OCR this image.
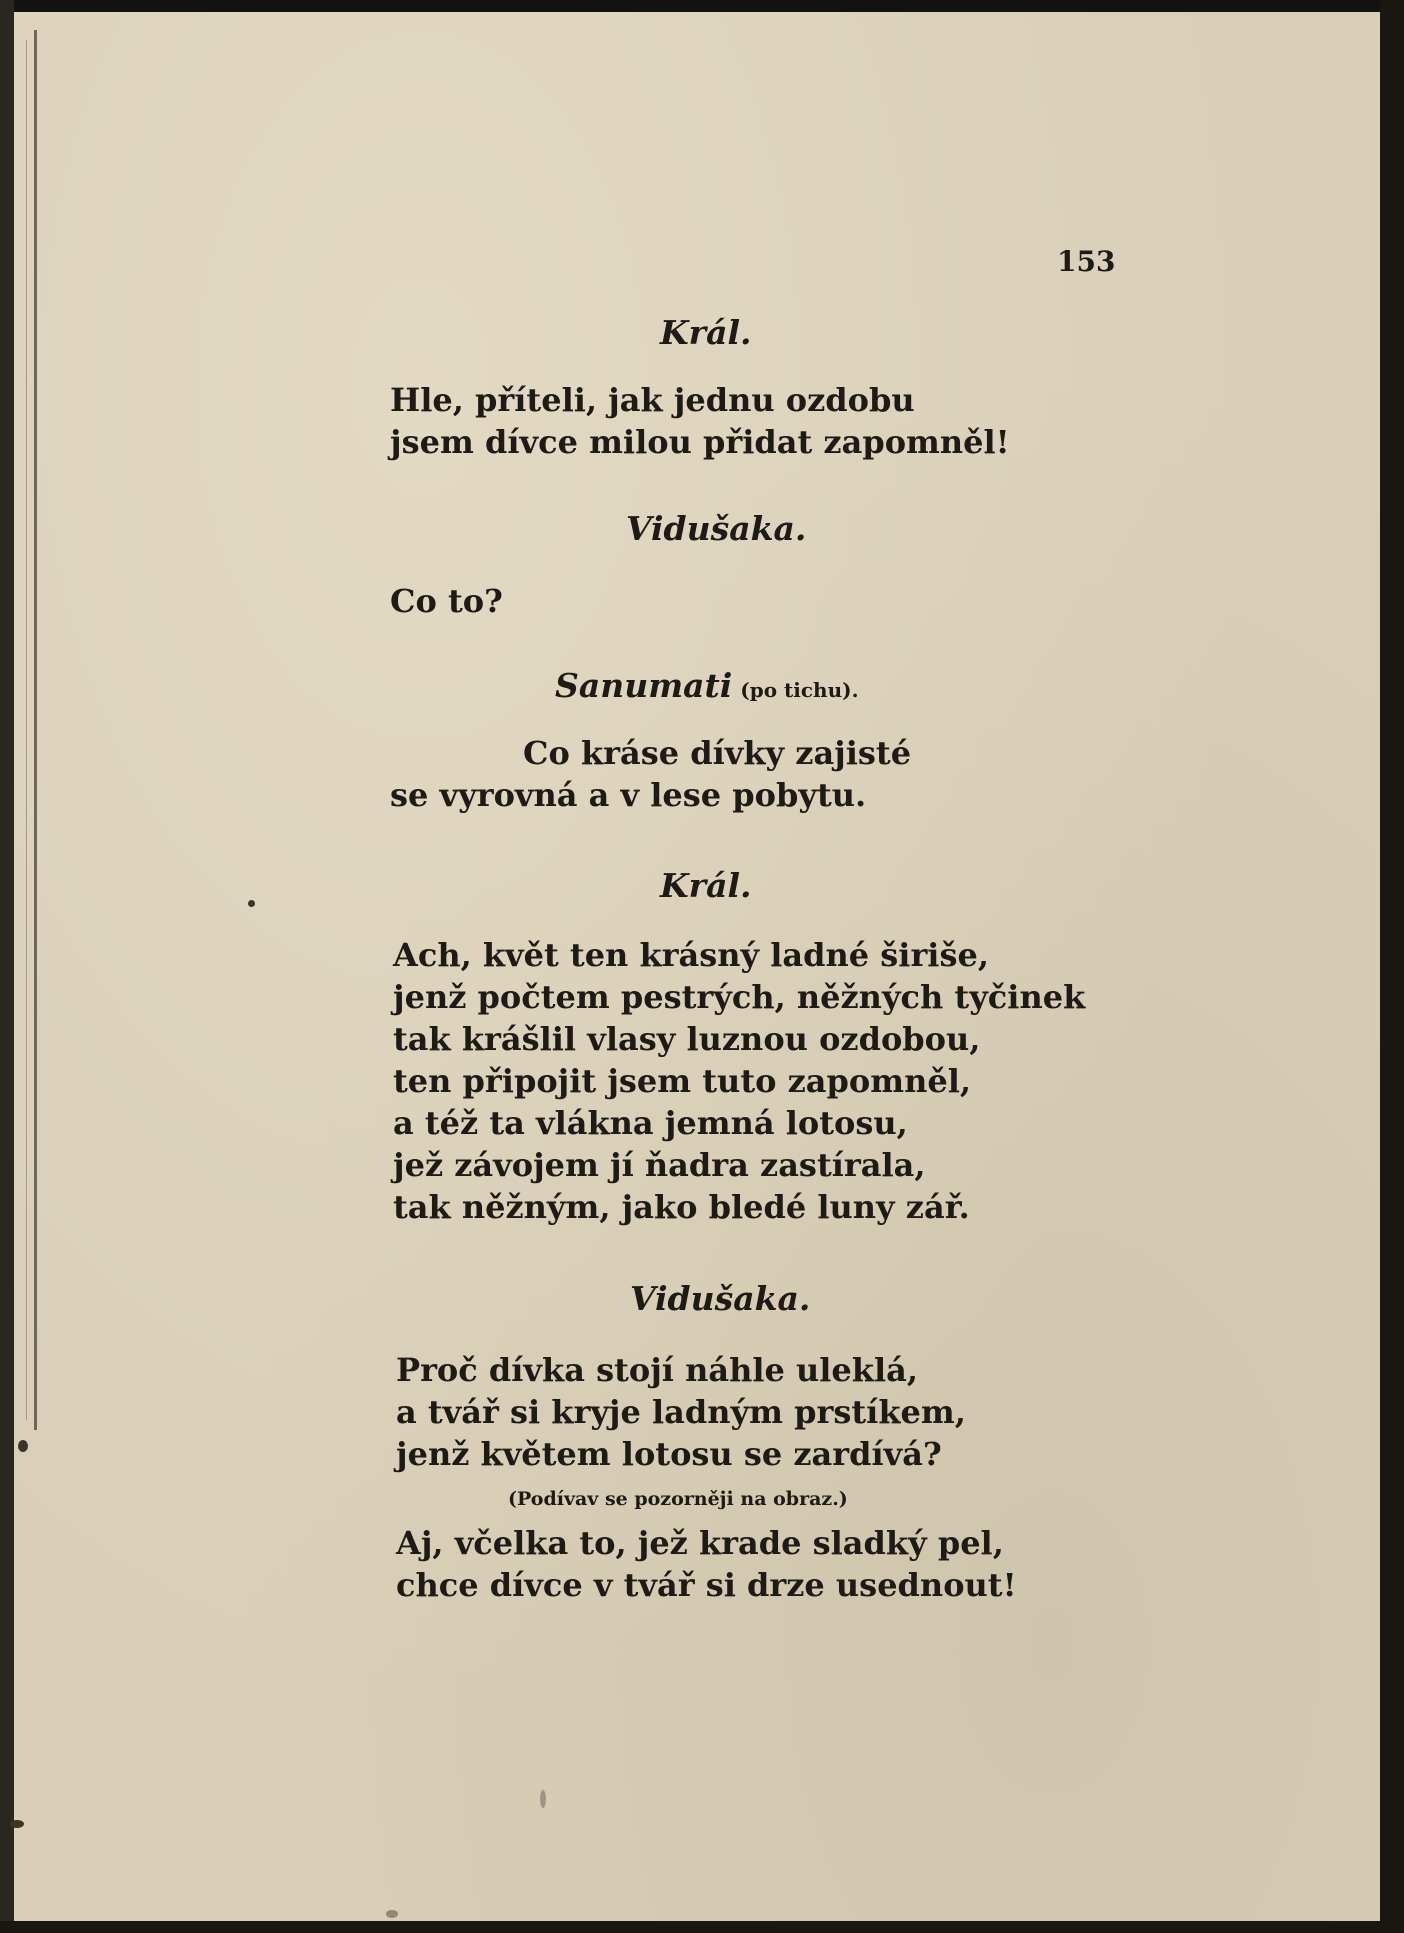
153
Král.
Hle, příteli, jak jednu ozdobu
jsem dívce milou přidat zapomněl!
Vidušaka.
Co to?
Sanumati (po tichu).
Co krásе dívky zajisté
se vyrovná a v lese pobytu.
Král.
Ach, květ ten krásný ladné širiše,
jenž počtem pestrých, něžných tyčinek
tak krášlil vlasy luznou ozdobou,
ten připojit jsem tuto zapomněl,
a též ta vlákna jemná lotosu,
jež závojem jí ňadra zastírala,
tak něžným, jako bledé luny zář.
Vidušaka.
Proč dívka stojí náhle uleklá,
a tvář si kryje ladným prstíkem,
jenž květem lotosu se zardívá?
(Podívav se pozorněji na obraz.)
Aj, včelka to, jež krade sladký pel,
chce dívce v tvář si drze usednout!
